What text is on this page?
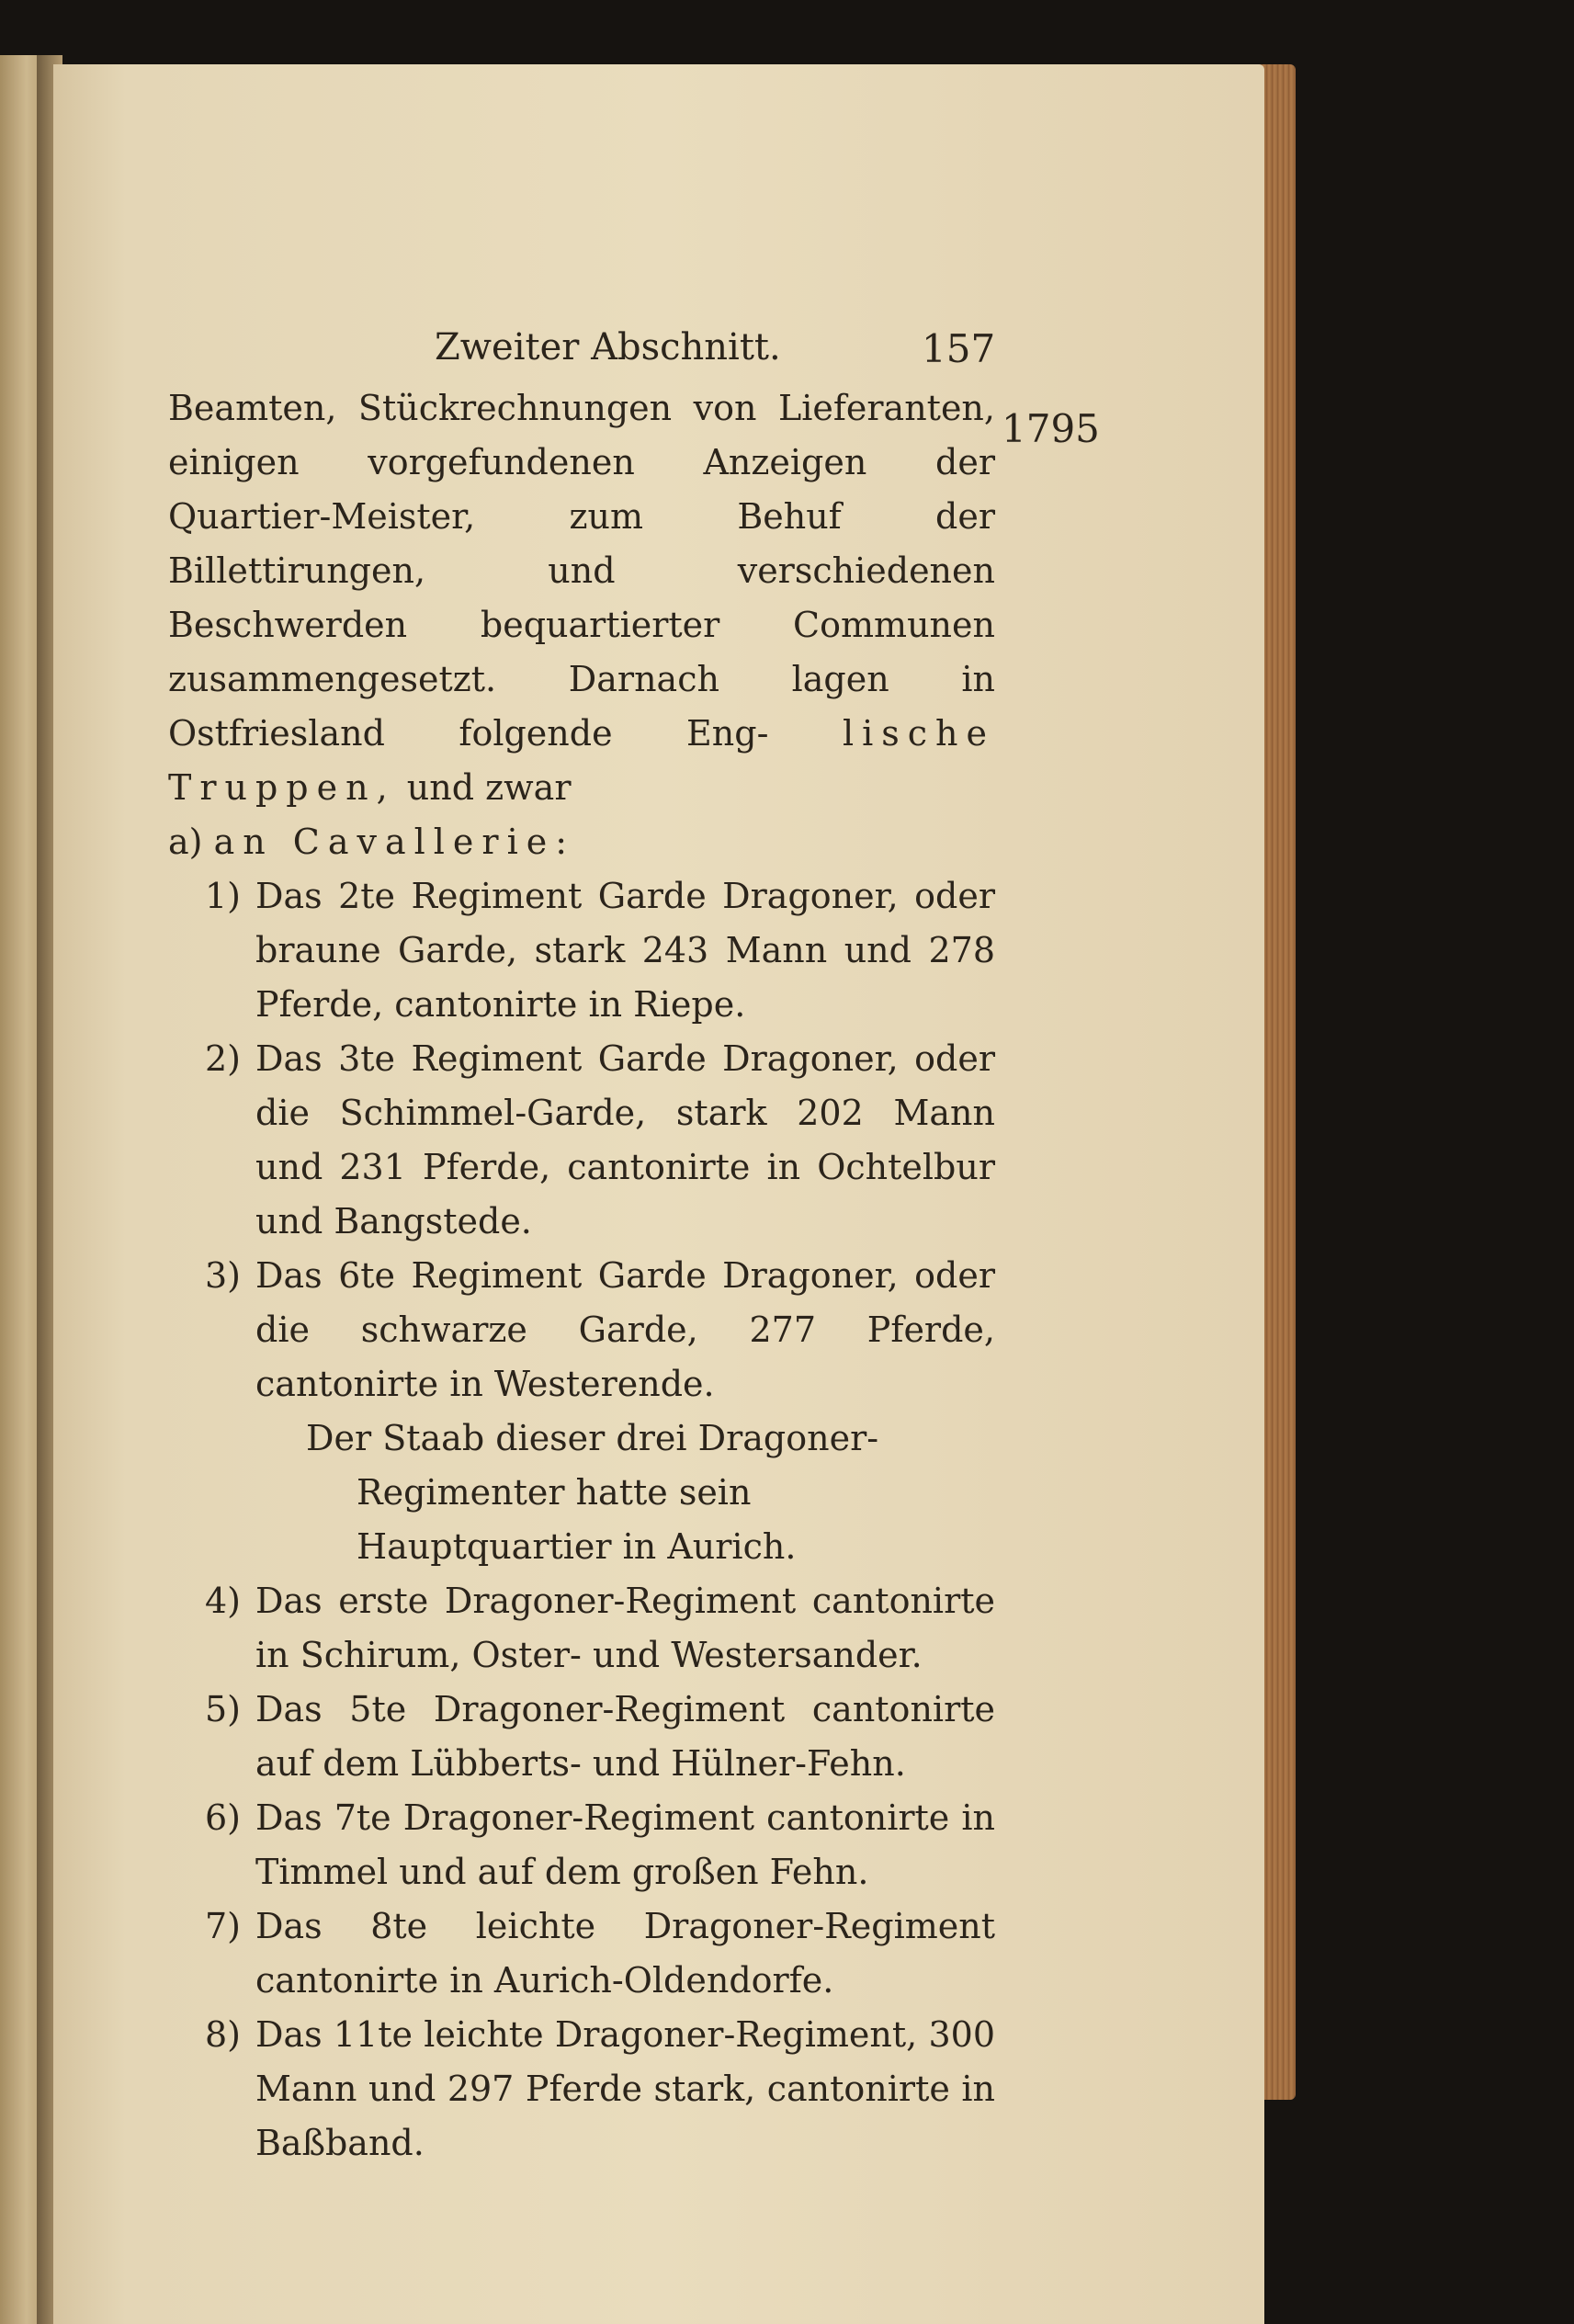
1795
Zweiter Abschnitt.	157

Beamten, Stückrechnungen von Lieferanten, einigen vorgefundenen Anzeigen der Quartier-Meister, zum Behuf der Billettirungen, und verschiedenen Beschwerden bequartierter Communen zusammengesetzt. Darnach lagen in Ostfriesland folgende Eng- lische Truppen, und zwar

a) an Cavallerie:

1) Das 2te Regiment Garde Dragoner, oder braune Garde, stark 243 Mann und 278 Pferde, cantonirte in Riepe.
2) Das 3te Regiment Garde Dragoner, oder die Schimmel-Garde, stark 202 Mann und 231 Pferde, cantonirte in Ochtelbur und Bangstede.
3) Das 6te Regiment Garde Dragoner, oder die schwarze Garde, 277 Pferde, cantonirte in Westerende.
Der Staab dieser drei Dragoner-Regimenter hatte sein Hauptquartier in Aurich.
4) Das erste Dragoner-Regiment cantonirte in Schirum, Oster- und Westersander.
5) Das 5te Dragoner-Regiment cantonirte auf dem Lübberts- und Hülner-Fehn.
6) Das 7te Dragoner-Regiment cantonirte in Timmel und auf dem großen Fehn.
7) Das 8te leichte Dragoner-Regiment cantonirte in Aurich-Oldendorfe.
8) Das 11te leichte Dragoner-Regiment, 300 Mann und 297 Pferde stark, cantonirte in Baßband.
